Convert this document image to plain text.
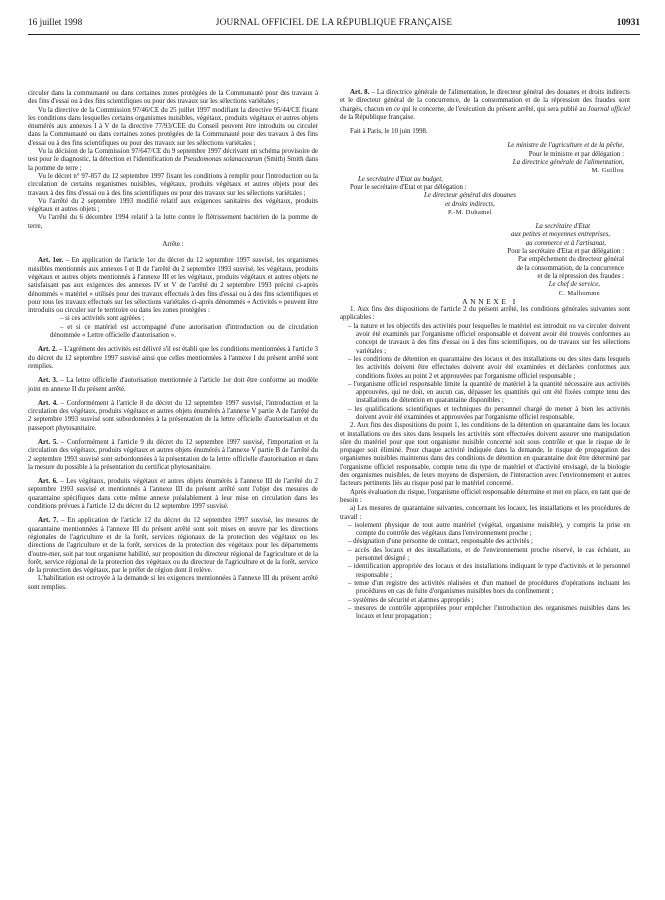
16 juillet 1998	JOURNAL OFFICIEL DE LA RÉPUBLIQUE FRANÇAISE	10931

circuler dans la communauté ou dans certaines zones protégées de la Communauté pour des travaux à des fins d'essai ou à des fins scientifiques ou pour des travaux sur les sélections variétales ;

Vu la directive de la Commission 97/46/CE du 25 juillet 1997 modifiant la directive 95/44/CE fixant les conditions dans lesquelles certains organismes nuisibles, végétaux, produits végétaux et autres objets énumérés aux annexes I à V de la directive 77/93/CEE du Conseil peuvent être introduits ou circuler dans la Communauté ou dans certaines zones protégées de la Communauté pour des travaux à des fins d'essai ou à des fins scientifiques ou pour des travaux sur les sélections variétales ;

Vu la décision de la Commission 97/647/CE du 9 septembre 1997 décrivant un schéma provisoire de test pour le diagnostic, la détection et l'identification de Pseudomonas solanacearum (Smith) Smith dans la pomme de terre ;

Vu le décret n° 97-857 du 12 septembre 1997 fixant les conditions à remplir pour l'introduction ou la circulation de certains organismes nuisibles, végétaux, produits végétaux et autres objets pour des travaux à des fins d'essai ou à des fins scientifiques ou pour des travaux sur les sélections variétales ;

Vu l'arrêté du 2 septembre 1993 modifié relatif aux exigences sanitaires des végétaux, produits végétaux et autres objets ;

Vu l'arrêté du 6 décembre 1994 relatif à la lutte contre le flétrissement bactérien de la pomme de terre,

Arrête :

Art. 1er. – En application de l'article 1er du décret du 12 septembre 1997 susvisé, les organismes nuisibles mentionnés aux annexes I et II de l'arrêté du 2 septembre 1993 susvisé, les végétaux, produits végétaux et autres objets mentionnés à l'annexe III et les végétaux, produits végétaux et autres objets ne satisfaisant pas aux exigences des annexes IV et V de l'arrêté du 2 septembre 1993 précité ci-après dénommés « matériel » utilisés pour des travaux effectués à des fins d'essai ou à des fins scientifiques et pour tous les travaux effectués sur les sélections variétales ci-après dénommés « Activités » peuvent être introduits ou circuler sur le territoire ou dans les zones protégées :

– si ces activités sont agréées ;

– et si ce matériel est accompagné d'une autorisation d'introduction ou de circulation dénommée « Lettre officielle d'autorisation ».

Art. 2. – L'agrément des activités est délivré s'il est établi que les conditions mentionnées à l'article 3 du décret du 12 septembre 1997 susvisé ainsi que celles mentionnées à l'annexe I du présent arrêté sont remplies.

Art. 3. – La lettre officielle d'autorisation mentionnée à l'article 1er doit être conforme au modèle joint en annexe II du présent arrêté.

Art. 4. – Conformément à l'article 8 du décret du 12 septembre 1997 susvisé, l'introduction et la circulation des végétaux, produits végétaux et autres objets énumérés à l'annexe V partie A de l'arrêté du 2 septembre 1993 susvisé sont subordonnées à la présentation de la lettre officielle d'autorisation et du passeport phytosanitaire.

Art. 5. – Conformément à l'article 9 du décret du 12 septembre 1997 susvisé, l'importation et la circulation des végétaux, produits végétaux et autres objets énumérés à l'annexe V partie B de l'arrêté du 2 septembre 1993 susvisé sont subordonnées à la présentation de la lettre officielle d'autorisation et dans la mesure du possible à la présentation du certificat phytosanitaire.

Art. 6. – Les végétaux, produits végétaux et autres objets énumérés à l'annexe III de l'arrêté du 2 septembre 1993 susvisé et mentionnés à l'annexe III du présent arrêté sont l'objet des mesures de quarantaine spécifiques dans cette même annexe préalablement à leur mise en circulation dans les conditions prévues à l'article 12 du décret du 12 septembre 1997 susvisé.

Art. 7. – En application de l'article 12 du décret du 12 septembre 1997 susvisé, les mesures de quarantaine mentionnées à l'annexe III du présent arrêté sont soit mises en œuvre par les directions régionales de l'agriculture et de la forêt, services régionaux de la protection des végétaux ou les directions de l'agriculture et de la forêt, services de la protection des végétaux pour les départements d'outre-mer, soit par tout organisme habilité, sur proposition du directeur régional de l'agriculture et de la forêt, service régional de la protection des végétaux ou du directeur de l'agriculture et de la forêt, service de la protection des végétaux, par le préfet de région dont il relève.

L'habilitation est octroyée à la demande si les exigences mentionnées à l'annexe III du présent arrêté sont remplies.

Art. 8. – La directrice générale de l'alimentation, le directeur général des douanes et droits indirects et le directeur général de la concurrence, de la consommation et de la répression des fraudes sont chargés, chacun en ce qui le concerne, de l'exécution du présent arrêté, qui sera publié au Journal officiel de la République française.

Fait à Paris, le 10 juin 1998.

Le ministre de l'agriculture et de la pêche,

Pour le ministre et par délégation :

La directrice générale de l'alimentation,

M. Guillou

Le secrétaire d'Etat au budget,

Pour le secrétaire d'Etat et par délégation :

Le directeur général des douanes

et droits indirects,

P.-M. Duhamel

La secrétaire d'Etat

aux petites et moyennes entreprises,

au commerce et à l'artisanat,

Pour la secrétaire d'Etat et par délégation :

Par empêchement du directeur général

de la consommation, de la concurrence

et de la répression des fraudes :

Le chef de service,

C. Malhomme

ANNEXE I

1. Aux fins des dispositions de l'article 2 du présent arrêté, les conditions générales suivantes sont applicables :

– la nature et les objectifs des activités pour lesquelles le matériel est introduit ou va circuler doivent avoir été examinés par l'organisme officiel responsable et doivent avoir été trouvés conformes au concept de travaux à des fins d'essai ou à des fins scientifiques, ou de travaux sur les sélections variétales ;

– les conditions de détention en quarantaine des locaux et des installations ou des sites dans lesquels les activités doivent être effectuées doivent avoir été examinées et déclarées conformes aux conditions fixées au point 2 et approuvées par l'organisme officiel responsable ;

– l'organisme officiel responsable limite la quantité de matériel à la quantité nécessaire aux activités approuvées, qui ne doit, en aucun cas, dépasser les quantités qui ont été fixées compte tenu des installations de détention en quarantaine disponibles ;

– les qualifications scientifiques et techniques du personnel chargé de mener à bien les activités doivent avoir été examinées et approuvées par l'organisme officiel responsable.

2. Aux fins des dispositions du point 1, les conditions de la détention en quarantaine dans les locaux et installations ou des sites dans lesquels les activités sont effectuées doivent assurer une manipulation sûre du matériel pour que tout organisme nuisible concerné soit sous contrôle et que le risque de le propager soit éliminé. Pour chaque activité indiquée dans la demande, le risque de propagation des organismes nuisibles maintenus dans des conditions de détention en quarantaine doit être déterminé par l'organisme officiel responsable, compte tenu du type de matériel et d'activité envisagé, de la biologie des organismes nuisibles, de leurs moyens de dispersion, de l'interaction avec l'environnement et autres facteurs pertinents liés au risque posé par le matériel concerné.

Après évaluation du risque, l'organisme officiel responsable détermine et met en place, en tant que de besoin :

a) Les mesures de quarantaine suivantes, concernant les locaux, les installations et les procédures de travail :

– isolement physique de tout autre matériel (végétal, organisme nuisible), y compris la prise en compte du contrôle des végétaux dans l'environnement proche ;

– désignation d'une personne de contact, responsable des activités ;

– accès des locaux et des installations, et de l'environnement proche réservé, le cas échéant, au personnel désigné ;

– identification appropriée des locaux et des installations indiquant le type d'activités et le personnel responsable ;

– tenue d'un registre des activités réalisées et d'un manuel de procédures d'opérations incluant les procédures en cas de fuite d'organismes nuisibles hors du confinement ;

– systèmes de sécurité et alarmes appropriés ;

– mesures de contrôle appropriées pour empêcher l'introduction des organismes nuisibles dans les locaux et leur propagation ;
